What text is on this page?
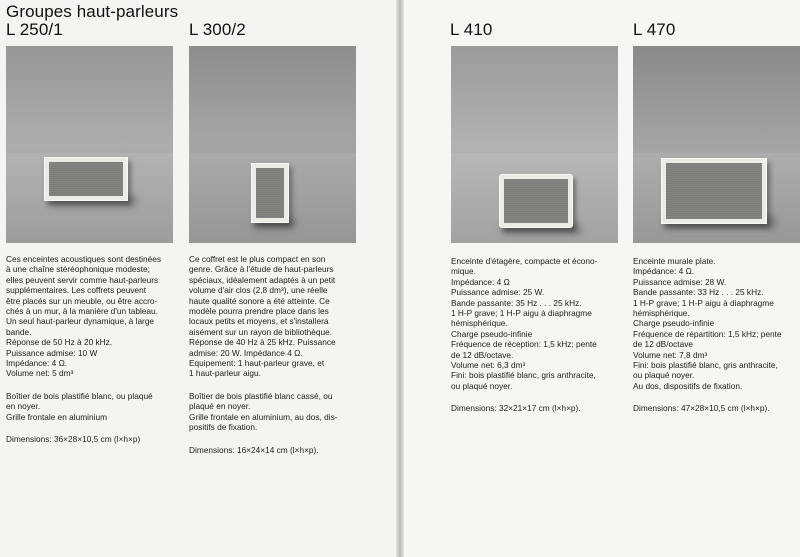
Groupes haut-parleurs
L 250/1	L 300/2	L 410	L 470

Ces enceintes acoustiques sont destinées

à une chaîne stéréophonique modeste;

elles peuvent servir comme haut-parleurs

supplémentaires. Les coffrets peuvent

être placés sur un meuble, ou être accro-

chés à un mur, à la manière d'un tableau.

Un seul haut-parleur dynamique, à large

bande.

Réponse de 50 Hz à 20 kHz.

Puissance admise: 10 W

Impédance: 4 Ω.

Volume net: 5 dm³

Boîtier de bois plastifié blanc, ou plaqué

en noyer.

Grille frontale en aluminium

Dimensions: 36×28×10,5 cm (l×h×p)

Ce coffret est le plus compact en son

genre. Grâce à l'étude de haut-parleurs

spéciaux, idéalement adaptés à un petit

volume d'air clos (2,8 dm³), une réelle

haute qualité sonore a été atteinte. Ce

modèle pourra prendre place dans les

locaux petits et moyens, et s'installera

aisément sur un rayon de bibliothèque.

Réponse de 40 Hz à 25 kHz. Puissance

admise: 20 W. Impédance 4 Ω.

Equipement: 1 haut-parleur grave, et

1 haut-parleur aigu.

Boîtier de bois plastifié blanc cassé, ou

plaqué en noyer.

Grille frontale en aluminium, au dos, dis-

positifs de fixation.

Dimensions: 16×24×14 cm (l×h×p).

Enceinte d'étagère, compacte et écono-

mique.

Impédance: 4 Ω

Puissance admise: 25 W.

Bande passante: 35 Hz . . . 25 kHz.

1 H-P grave; 1 H-P aigu à diaphragme

hémisphérique.

Charge pseudo-infinie

Fréquence de réception: 1,5 kHz; pente

de 12 dB/octave.

Volume net: 6,3 dm³

Fini: bois plastifié blanc, gris anthracite,

ou plaqué noyer.

Dimensions: 32×21×17 cm (l×h×p).

Enceinte murale plate.

Impédance: 4 Ω.

Puissance admise: 28 W.

Bande passante: 33 Hz . . . 25 kHz.

1 H-P grave; 1 H-P aigu à diaphragme

hémisphérique.

Charge pseudo-infinie

Fréquence de répartition: 1,5 kHz; pente

de 12 dB/octave

Volume net: 7,8 dm³

Fini: bois plastifié blanc, gris anthracite,

ou plaqué noyer.

Au dos, dispositifs de fixation.

Dimensions: 47×28×10,5 cm (l×h×p).
